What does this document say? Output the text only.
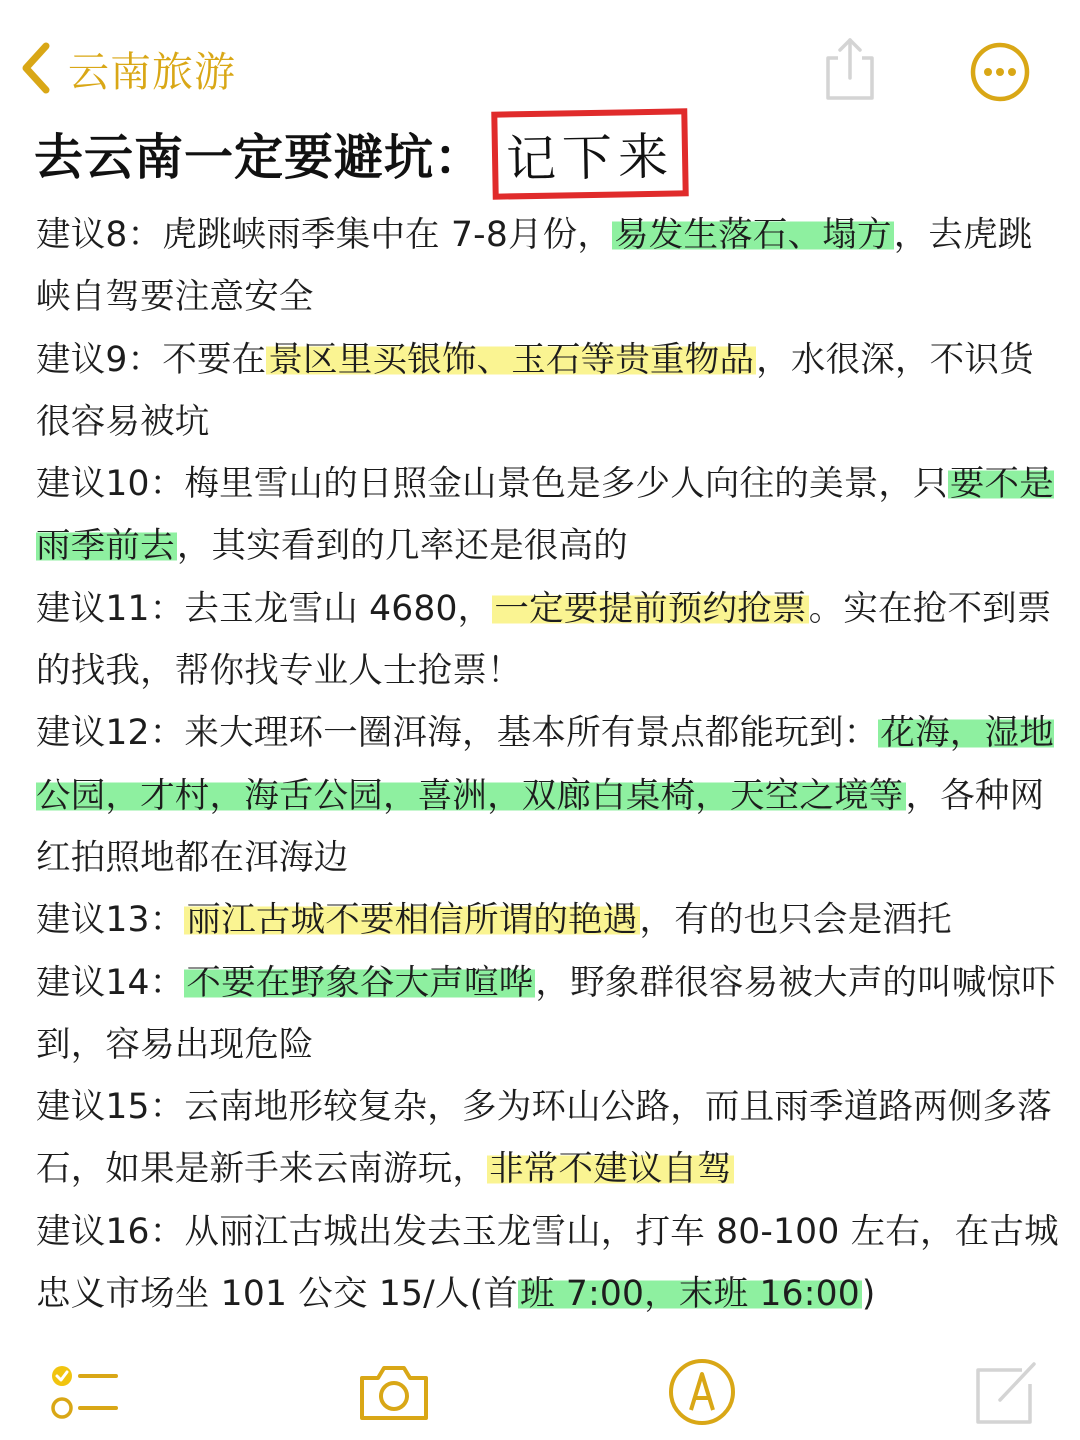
云南旅游
去云南一定要避坑： 记下来

建议8：虎跳峡雨季集中在 7-8月份，易发生落石、塌方，去虎跳峡自驾要注意安全

建议9：不要在景区里买银饰、玉石等贵重物品，水很深，不识货很容易被坑

建议10：梅里雪山的日照金山景色是多少人向往的美景，只要不是雨季前去，其实看到的几率还是很高的

建议11：去玉龙雪山 4680，一定要提前预约抢票。实在抢不到票的找我，帮你找专业人士抢票！

建议12：来大理环一圈洱海，基本所有景点都能玩到：花海，湿地公园，才村，海舌公园，喜洲，双廊白桌椅，天空之境等，各种网红拍照地都在洱海边

建议13：丽江古城不要相信所谓的艳遇，有的也只会是酒托

建议14：不要在野象谷大声喧哗，野象群很容易被大声的叫喊惊吓到，容易出现危险

建议15：云南地形较复杂，多为环山公路，而且雨季道路两侧多落石，如果是新手来云南游玩，非常不建议自驾

建议16：从丽江古城出发去玉龙雪山，打车 80-100 左右，在古城忠义市场坐 101 公交 15/人(首班 7:00，末班 16:00)
